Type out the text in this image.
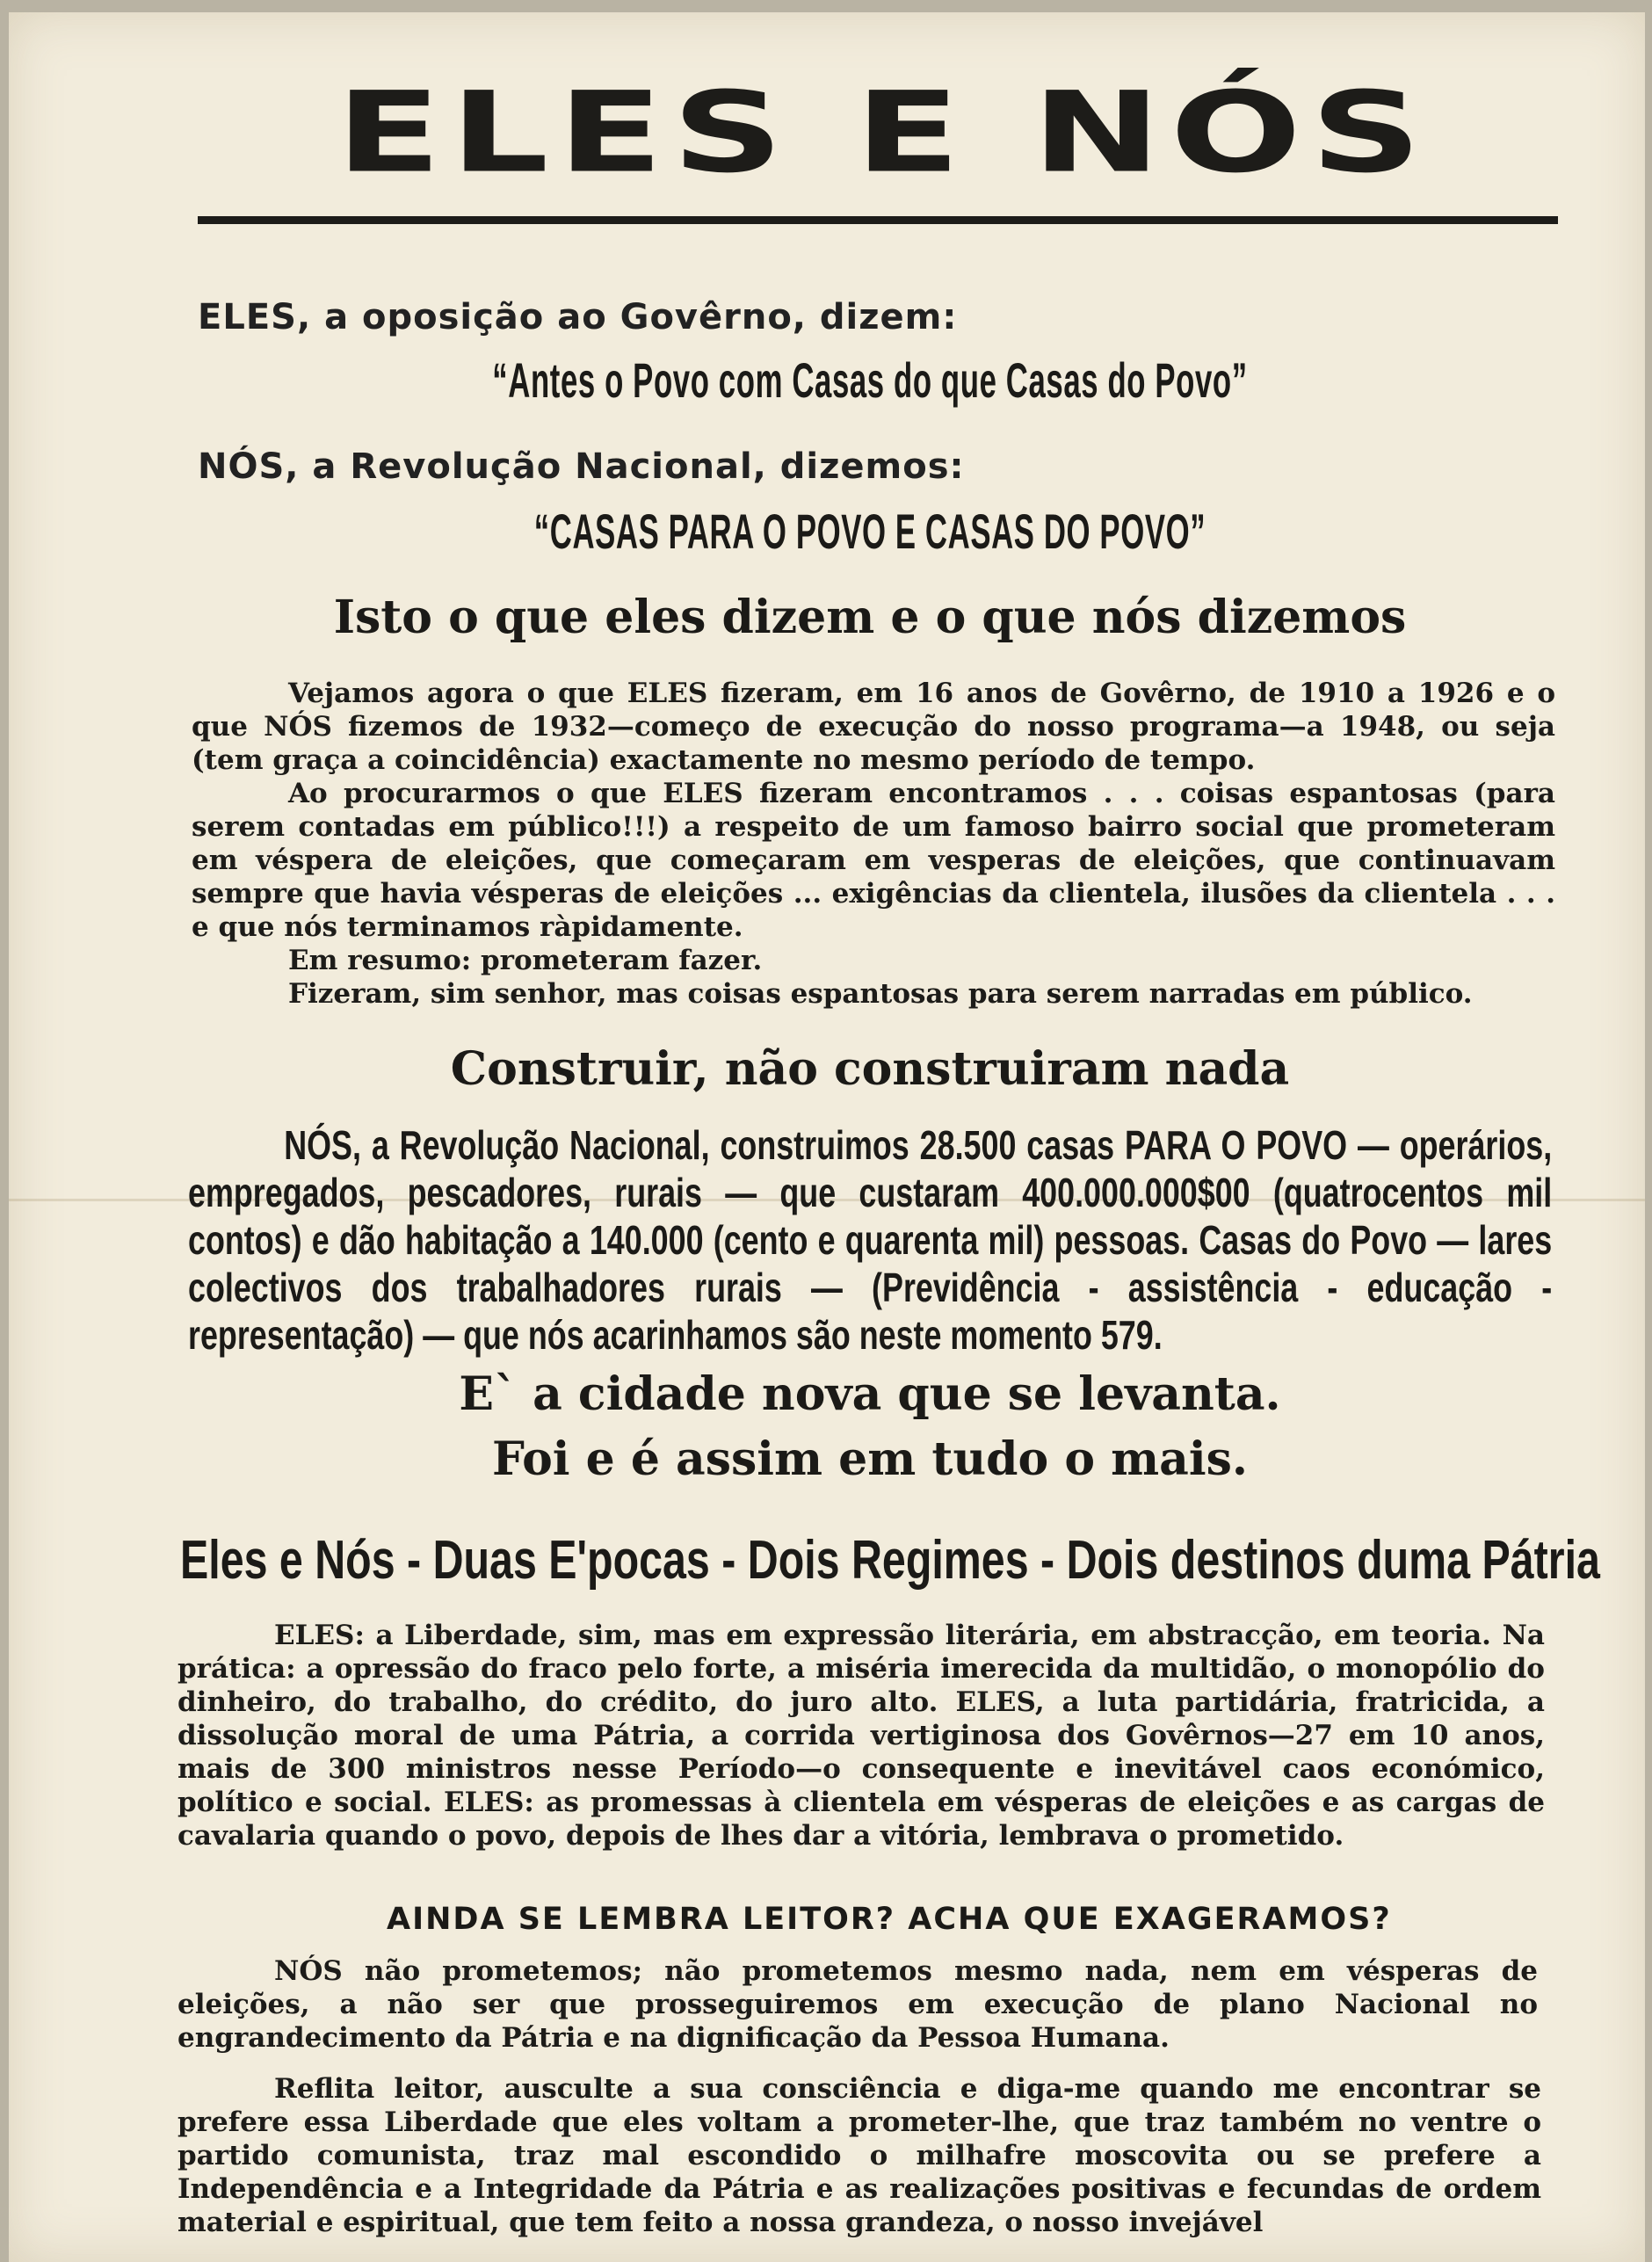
ELES E NÓS
ELES, a oposição ao Govêrno, dizem:
“Antes o Povo com Casas do que Casas do Povo”
NÓS, a Revolução Nacional, dizemos:
“CASAS PARA O POVO E CASAS DO POVO”
Isto o que eles dizem e o que nós dizemos

Vejamos agora o que ELES fizeram, em 16 anos de Govêrno, de 1910 a 1926 e o que NÓS fizemos de 1932—começo de execução do nosso programa—a 1948, ou seja (tem graça a coincidência) exactamente no mesmo período de tempo.

Ao procurarmos o que ELES fizeram encontramos . . . coisas espantosas (para serem contadas em público!!!) a respeito de um famoso bairro social que prometeram em véspera de eleições, que começaram em vesperas de eleições, que continuavam sempre que havia vésperas de eleições ... exigências da clientela, ilusões da clientela . . . e que nós terminamos ràpidamente.

Em resumo: prometeram fazer.

Fizeram, sim senhor, mas coisas espantosas para serem narradas em público.

Construir, não construiram nada

NÓS, a Revolução Nacional, construimos 28.500 casas PARA O POVO — operários, empregados, pescadores, rurais — que custaram 400.000.000$00 (quatrocentos mil contos) e dão habitação a 140.000 (cento e quarenta mil) pessoas. Casas do Povo — lares colectivos dos trabalhadores rurais — (Previdência - assistência - educação - representação) — que nós acarinhamos são neste momento 579.

E` a cidade nova que se levanta.
Foi e é assim em tudo o mais.
Eles e Nós - Duas E'pocas - Dois Regimes - Dois destinos duma Pátria

ELES: a Liberdade, sim, mas em expressão literária, em abstracção, em teoria. Na prática: a opressão do fraco pelo forte, a miséria imerecida da multidão, o monopólio do dinheiro, do trabalho, do crédito, do juro alto. ELES, a luta partidária, fratricida, a dissolução moral de uma Pátria, a corrida vertiginosa dos Govêrnos—27 em 10 anos, mais de 300 ministros nesse Período—o consequente e inevitável caos económico, político e social. ELES: as promessas à clientela em vésperas de eleições e as cargas de cavalaria quando o povo, depois de lhes dar a vitória, lembrava o prometido.

AINDA SE LEMBRA LEITOR? ACHA QUE EXAGERAMOS?

NÓS não prometemos; não prometemos mesmo nada, nem em vésperas de eleições, a não ser que prosseguiremos em execução de plano Nacional no engrandecimento da Pátria e na dignificação da Pessoa Humana.

Reflita leitor, ausculte a sua consciência e diga-me quando me encontrar se prefere essa Liberdade que eles voltam a prometer-lhe, que traz também no ventre o partido comunista, traz mal escondido o milhafre moscovita ou se prefere a Independência e a Integridade da Pátria e as realizações positivas e fecundas de ordem material e espiritual, que tem feito a nossa grandeza, o nosso invejável
